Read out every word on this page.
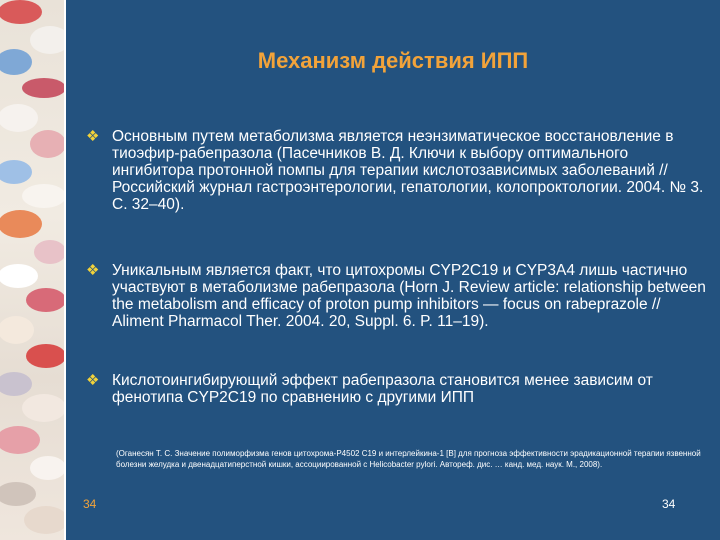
Механизм действия ИПП
❖ Основным путем метаболизма является неэнзиматическое восстановление в тиоэфир-рабепразола (Пасечников В. Д. Ключи к выбору оптимального ингибитора протонной помпы для терапии кислотозависимых заболеваний // Российский журнал гастроэнтерологии, гепатологии, колопроктологии. 2004. № 3. С. 32–40).
❖ Уникальным является факт, что цитохромы CYP2C19 и CYP3A4 лишь частично участвуют в метаболизме рабепразола (Horn J. Review article: relationship between the metabolism and efficacy of proton pump inhibitors — focus on rabeprazole // Aliment Pharmacol Ther. 2004. 20, Suppl. 6. P. 11–19).
❖ Кислотоингибирующий эффект рабепразола становится менее зависим от фенотипа CYP2C19 по сравнению с другими ИПП
(Оганесян Т. С. Значение полиморфизма генов цитохрома-P4502 C19 и интерлейкина-1 [B] для прогноза эффективности эрадикационной терапии язвенной болезни желудка и двенадцатиперстной кишки, ассоциированной с Helicobacter pylori. Автореф. дис. … канд. мед. наук. М., 2008).
34	34
